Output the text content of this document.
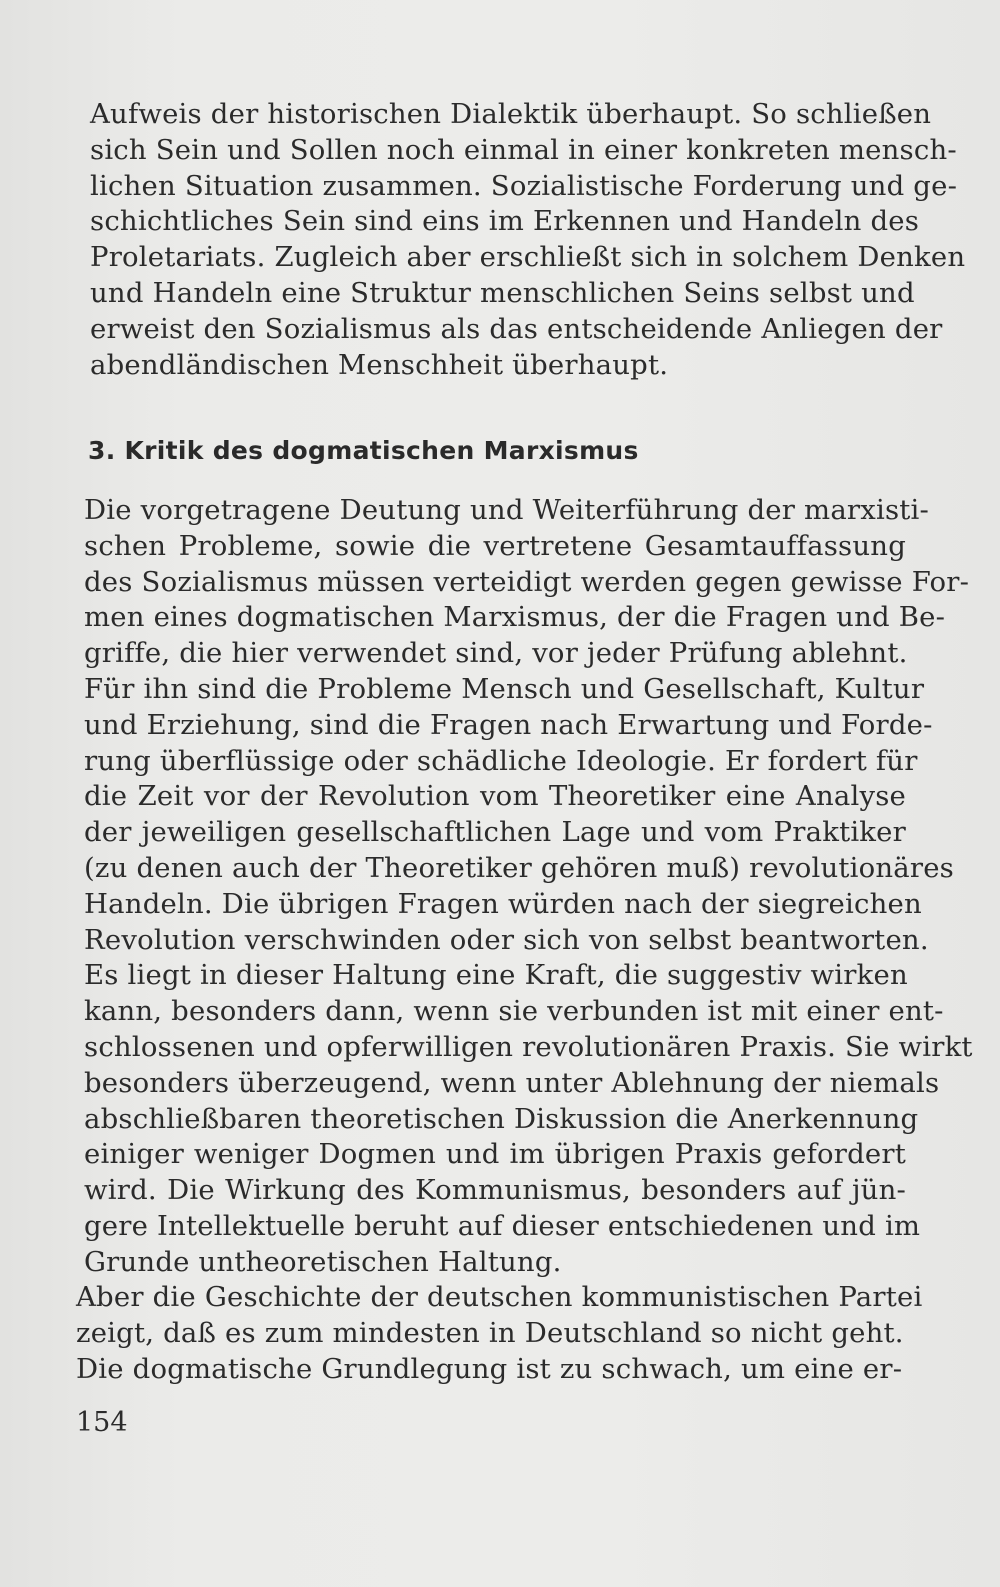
Aufweis der historischen Dialektik überhaupt. So schließen
sich Sein und Sollen noch einmal in einer konkreten mensch-
lichen Situation zusammen. Sozialistische Forderung und ge-
schichtliches Sein sind eins im Erkennen und Handeln des
Proletariats. Zugleich aber erschließt sich in solchem Denken
und Handeln eine Struktur menschlichen Seins selbst und
erweist den Sozialismus als das entscheidende Anliegen der
abendländischen Menschheit überhaupt.
3. Kritik des dogmatischen Marxismus
Die vorgetragene Deutung und Weiterführung der marxisti-
schen Probleme, sowie die vertretene Gesamtauffassung
des Sozialismus müssen verteidigt werden gegen gewisse For-
men eines dogmatischen Marxismus, der die Fragen und Be-
griffe, die hier verwendet sind, vor jeder Prüfung ablehnt.
Für ihn sind die Probleme Mensch und Gesellschaft, Kultur
und Erziehung, sind die Fragen nach Erwartung und Forde-
rung überflüssige oder schädliche Ideologie. Er fordert für
die Zeit vor der Revolution vom Theoretiker eine Analyse
der jeweiligen gesellschaftlichen Lage und vom Praktiker
(zu denen auch der Theoretiker gehören muß) revolutionäres
Handeln. Die übrigen Fragen würden nach der siegreichen
Revolution verschwinden oder sich von selbst beantworten.
Es liegt in dieser Haltung eine Kraft, die suggestiv wirken
kann, besonders dann, wenn sie verbunden ist mit einer ent-
schlossenen und opferwilligen revolutionären Praxis. Sie wirkt
besonders überzeugend, wenn unter Ablehnung der niemals
abschließbaren theoretischen Diskussion die Anerkennung
einiger weniger Dogmen und im übrigen Praxis gefordert
wird. Die Wirkung des Kommunismus, besonders auf jün-
gere Intellektuelle beruht auf dieser entschiedenen und im
Grunde untheoretischen Haltung.
Aber die Geschichte der deutschen kommunistischen Partei
zeigt, daß es zum mindesten in Deutschland so nicht geht.
Die dogmatische Grundlegung ist zu schwach, um eine er-
154
